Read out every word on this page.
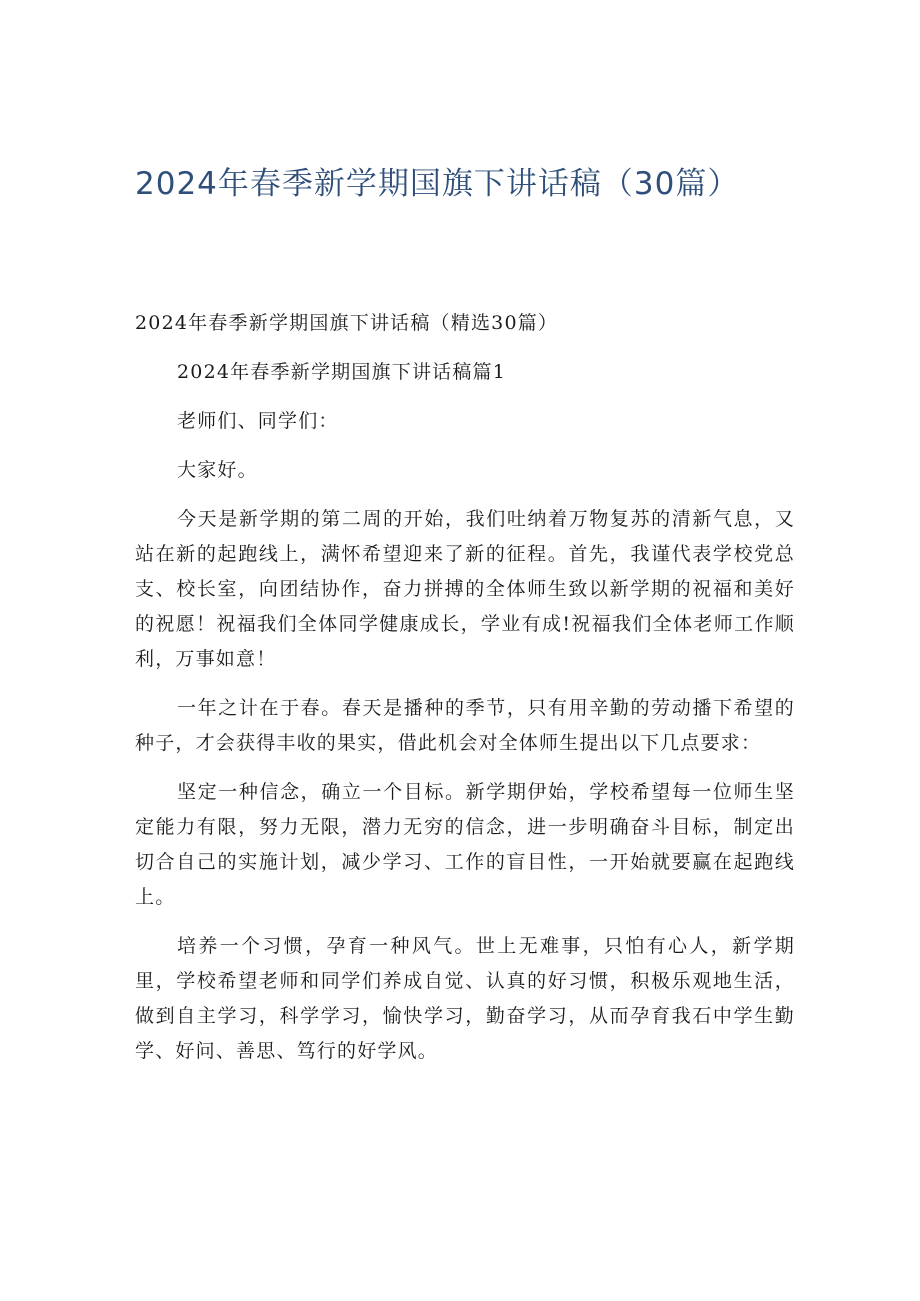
2024年春季新学期国旗下讲话稿（30篇）

2024年春季新学期国旗下讲话稿（精选30篇）

2024年春季新学期国旗下讲话稿篇1

老师们、同学们：

大家好。

今天是新学期的第二周的开始，我们吐纳着万物复苏的清新气息，又站在新的起跑线上，满怀希望迎来了新的征程。首先，我谨代表学校党总支、校长室，向团结协作，奋力拼搏的全体师生致以新学期的祝福和美好的祝愿！祝福我们全体同学健康成长，学业有成!祝福我们全体老师工作顺利，万事如意！

一年之计在于春。春天是播种的季节，只有用辛勤的劳动播下希望的种子，才会获得丰收的果实，借此机会对全体师生提出以下几点要求：

坚定一种信念，确立一个目标。新学期伊始，学校希望每一位师生坚定能力有限，努力无限，潜力无穷的信念，进一步明确奋斗目标，制定出切合自己的实施计划，减少学习、工作的盲目性，一开始就要赢在起跑线上。

培养一个习惯，孕育一种风气。世上无难事，只怕有心人，新学期里，学校希望老师和同学们养成自觉、认真的好习惯，积极乐观地生活，做到自主学习，科学学习，愉快学习，勤奋学习，从而孕育我石中学生勤学、好问、善思、笃行的好学风。
